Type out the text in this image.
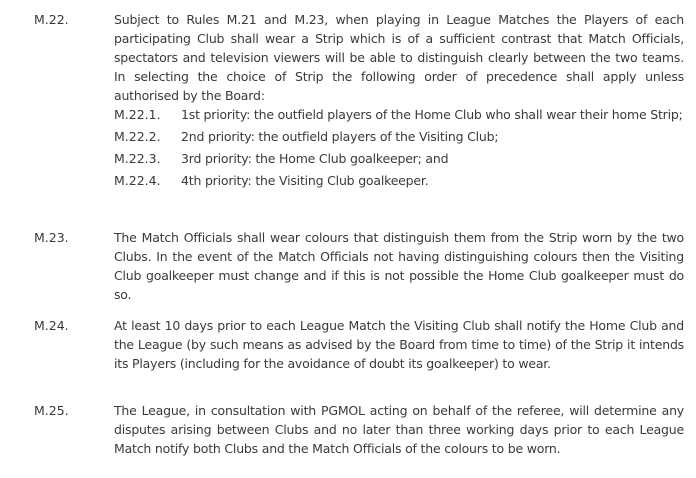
M.22.	Subject to Rules M.21 and M.23, when playing in League Matches the Players of each participating Club shall wear a Strip which is of a sufficient contrast that Match Officials, spectators and television viewers will be able to distinguish clearly between the two teams. In selecting the choice of Strip the following order of precedence shall apply unless authorised by the Board:
M.22.1. 1st priority: the outfield players of the Home Club who shall wear their home Strip;
M.22.2. 2nd priority: the outfield players of the Visiting Club;
M.22.3. 3rd priority: the Home Club goalkeeper; and
M.22.4. 4th priority: the Visiting Club goalkeeper.
M.23.	The Match Officials shall wear colours that distinguish them from the Strip worn by the two Clubs. In the event of the Match Officials not having distinguishing colours then the Visiting Club goalkeeper must change and if this is not possible the Home Club goalkeeper must do so.
M.24.	At least 10 days prior to each League Match the Visiting Club shall notify the Home Club and the League (by such means as advised by the Board from time to time) of the Strip it intends its Players (including for the avoidance of doubt its goalkeeper) to wear.
M.25.	The League, in consultation with PGMOL acting on behalf of the referee, will determine any disputes arising between Clubs and no later than three working days prior to each League Match notify both Clubs and the Match Officials of the colours to be worn.
